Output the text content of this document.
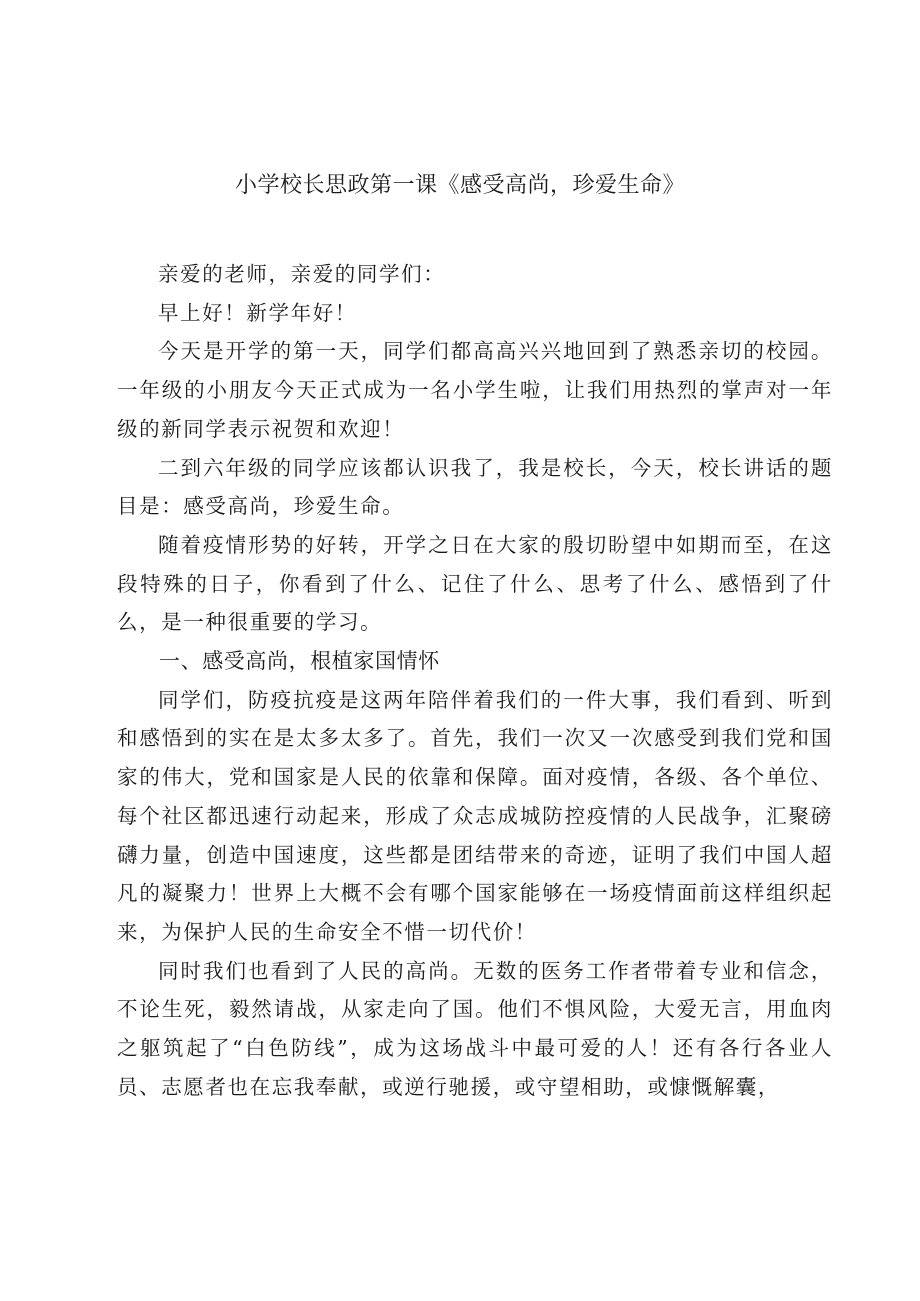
小学校长思政第一课《感受高尚，珍爱生命》

亲爱的老师，亲爱的同学们：

早上好！新学年好！

今天是开学的第一天，同学们都高高兴兴地回到了熟悉亲切的校园。一年级的小朋友今天正式成为一名小学生啦，让我们用热烈的掌声对一年级的新同学表示祝贺和欢迎！

二到六年级的同学应该都认识我了，我是校长，今天，校长讲话的题目是：感受高尚，珍爱生命。

随着疫情形势的好转，开学之日在大家的殷切盼望中如期而至，在这段特殊的日子，你看到了什么、记住了什么、思考了什么、感悟到了什么，是一种很重要的学习。

一、感受高尚，根植家国情怀

同学们，防疫抗疫是这两年陪伴着我们的一件大事，我们看到、听到和感悟到的实在是太多太多了。首先，我们一次又一次感受到我们党和国家的伟大，党和国家是人民的依靠和保障。面对疫情，各级、各个单位、每个社区都迅速行动起来，形成了众志成城防控疫情的人民战争，汇聚磅礴力量，创造中国速度，这些都是团结带来的奇迹，证明了我们中国人超凡的凝聚力！世界上大概不会有哪个国家能够在一场疫情面前这样组织起来，为保护人民的生命安全不惜一切代价！

同时我们也看到了人民的高尚。无数的医务工作者带着专业和信念，不论生死，毅然请战，从家走向了国。他们不惧风险，大爱无言，用血肉之躯筑起了“白色防线”，成为这场战斗中最可爱的人！还有各行各业人员、志愿者也在忘我奉献，或逆行驰援，或守望相助，或慷慨解囊，
